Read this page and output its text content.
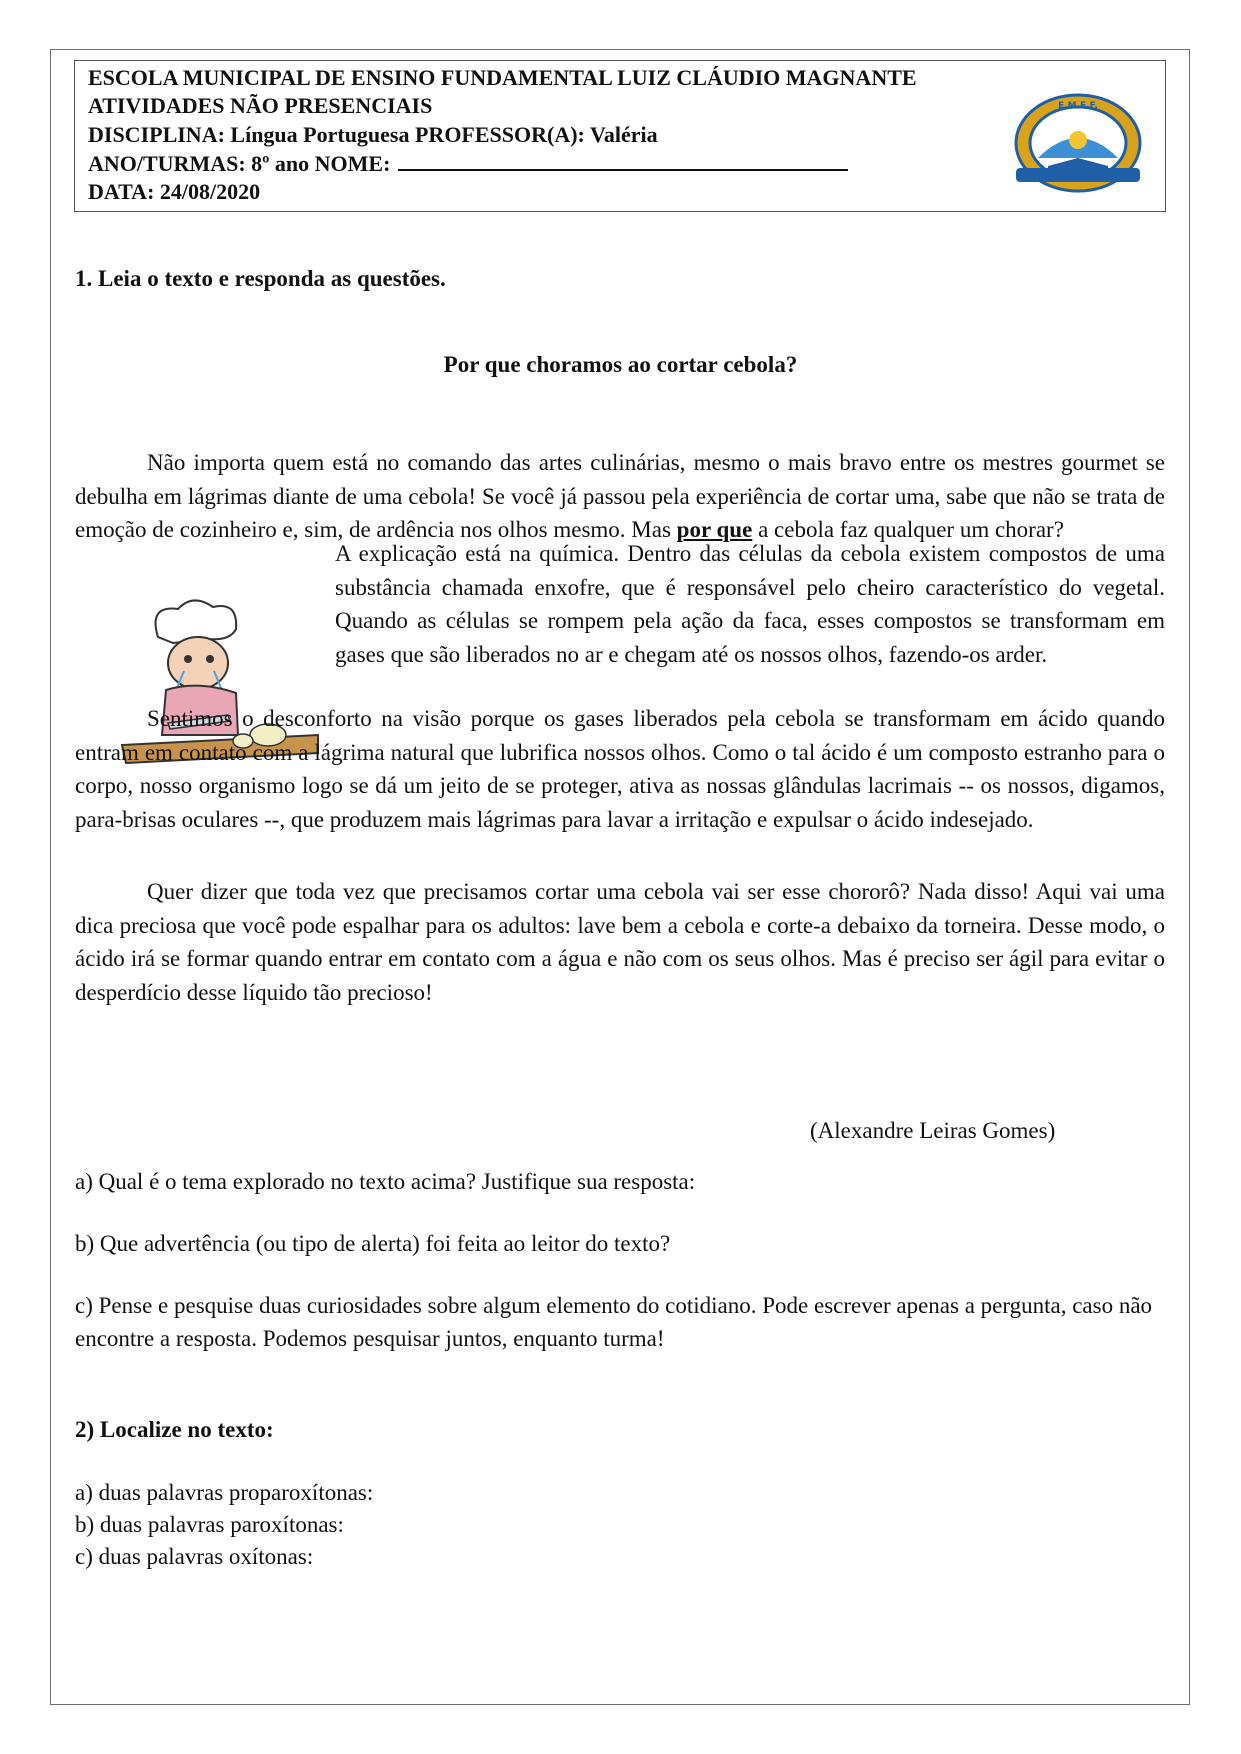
ESCOLA MUNICIPAL DE ENSINO FUNDAMENTAL LUIZ CLÁUDIO MAGNANTE
ATIVIDADES NÃO PRESENCIAIS
DISCIPLINA: Língua Portuguesa PROFESSOR(A): Valéria
ANO/TURMAS: 8º ano NOME:
DATA: 24/08/2020
E.M.E.F.
1. Leia o texto e responda as questões.
Por que choramos ao cortar cebola?
Não importa quem está no comando das artes culinárias, mesmo o mais bravo entre os mestres gourmet se debulha em lágrimas diante de uma cebola! Se você já passou pela experiência de cortar uma, sabe que não se trata de emoção de cozinheiro e, sim, de ardência nos olhos mesmo. Mas por que a cebola faz qualquer um chorar?
A explicação está na química. Dentro das células da cebola existem compostos de uma substância chamada enxofre, que é responsável pelo cheiro característico do vegetal. Quando as células se rompem pela ação da faca, esses compostos se transformam em gases que são liberados no ar e chegam até os nossos olhos, fazendo-os arder.
Sentimos o desconforto na visão porque os gases liberados pela cebola se transformam em ácido quando entram em contato com a lágrima natural que lubrifica nossos olhos. Como o tal ácido é um composto estranho para o corpo, nosso organismo logo se dá um jeito de se proteger, ativa as nossas glândulas lacrimais -- os nossos, digamos, para-brisas oculares --, que produzem mais lágrimas para lavar a irritação e expulsar o ácido indesejado.
Quer dizer que toda vez que precisamos cortar uma cebola vai ser esse chororô? Nada disso! Aqui vai uma dica preciosa que você pode espalhar para os adultos: lave bem a cebola e corte-a debaixo da torneira. Desse modo, o ácido irá se formar quando entrar em contato com a água e não com os seus olhos. Mas é preciso ser ágil para evitar o desperdício desse líquido tão precioso!
(Alexandre Leiras Gomes)
a) Qual é o tema explorado no texto acima? Justifique sua resposta:
b) Que advertência (ou tipo de alerta) foi feita ao leitor do texto?
c) Pense e pesquise duas curiosidades sobre algum elemento do cotidiano. Pode escrever apenas a pergunta, caso não encontre a resposta. Podemos pesquisar juntos, enquanto turma!
2) Localize no texto:
a) duas palavras proparoxítonas:
b) duas palavras paroxítonas:
c) duas palavras oxítonas:
